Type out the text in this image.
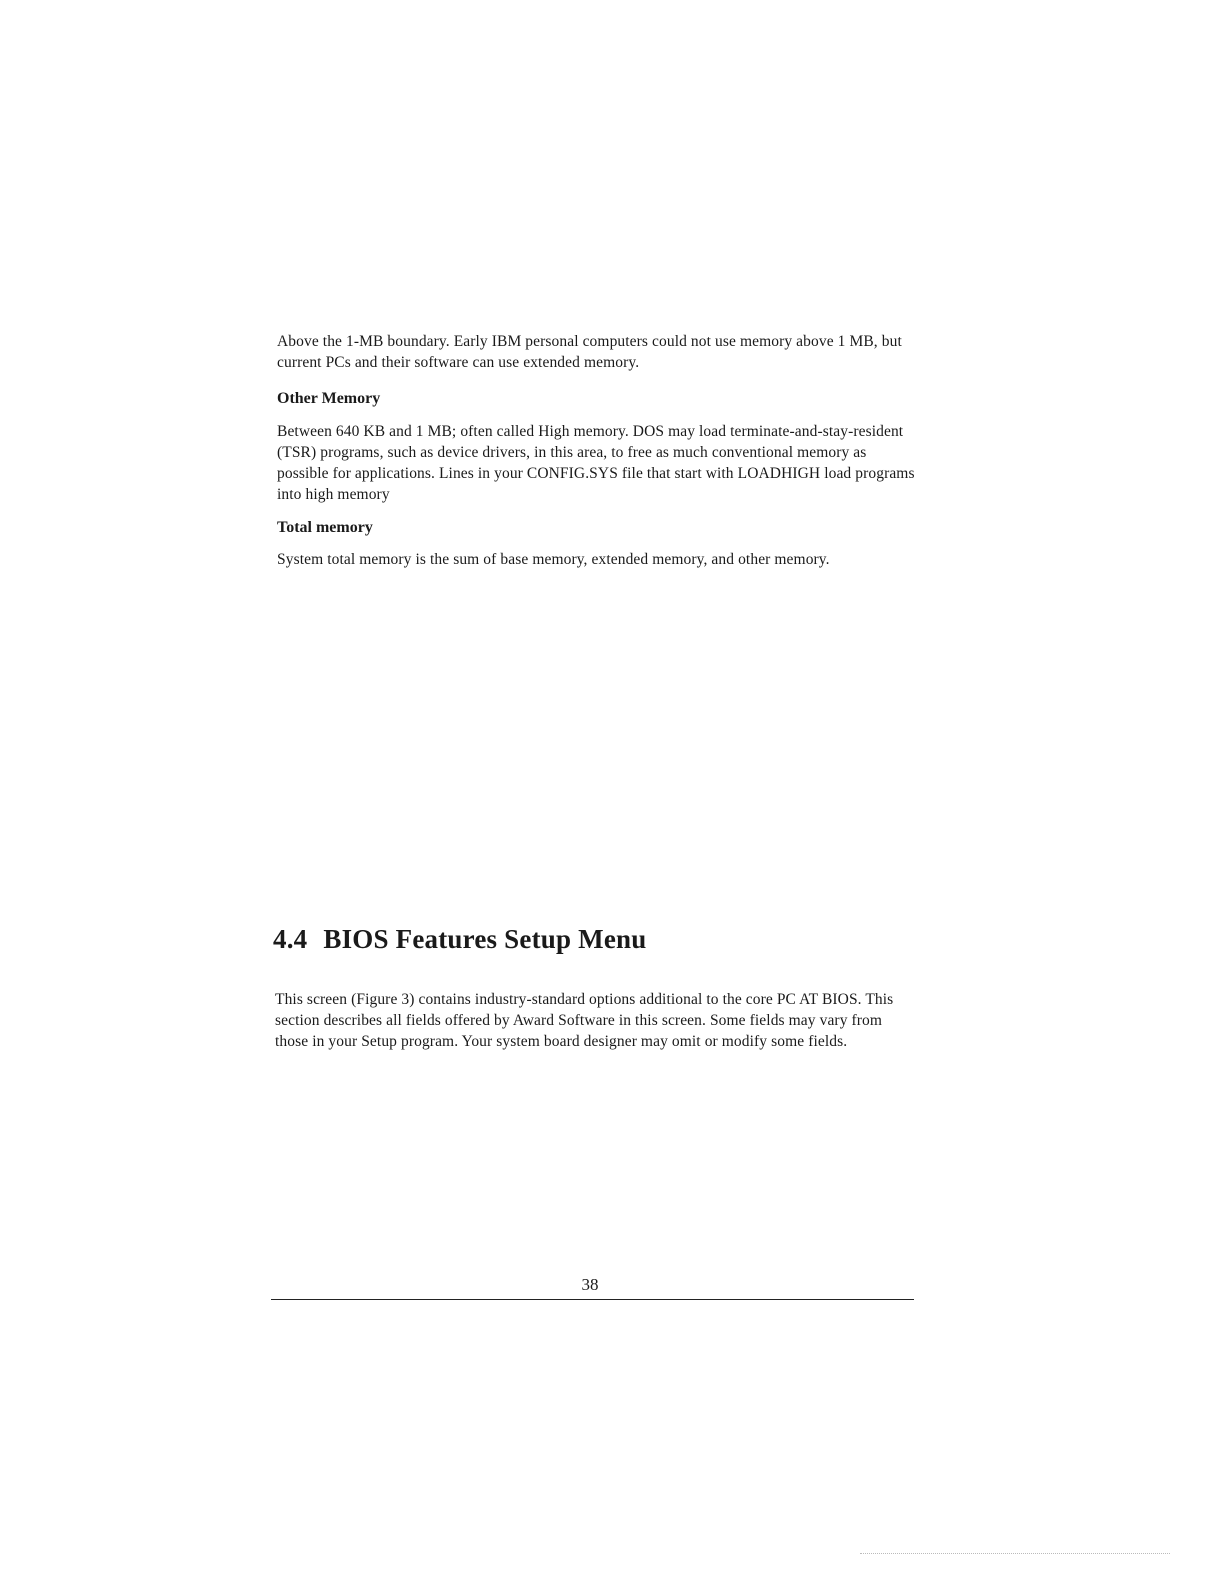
Above the 1-MB boundary. Early IBM personal computers could not use memory above 1 MB, but current PCs and their software can use extended memory.

Other Memory

Between 640 KB and 1 MB; often called High memory. DOS may load terminate-and-stay-resident (TSR) programs, such as device drivers, in this area, to free as much conventional memory as possible for applications. Lines in your CONFIG.SYS file that start with LOADHIGH load programs into high memory

Total memory

System total memory is the sum of base memory, extended memory, and other memory.

4.4 BIOS Features Setup Menu

This screen (Figure 3) contains industry-standard options additional to the core PC AT BIOS. This section describes all fields offered by Award Software in this screen. Some fields may vary from those in your Setup program. Your system board designer may omit or modify some fields.

38
